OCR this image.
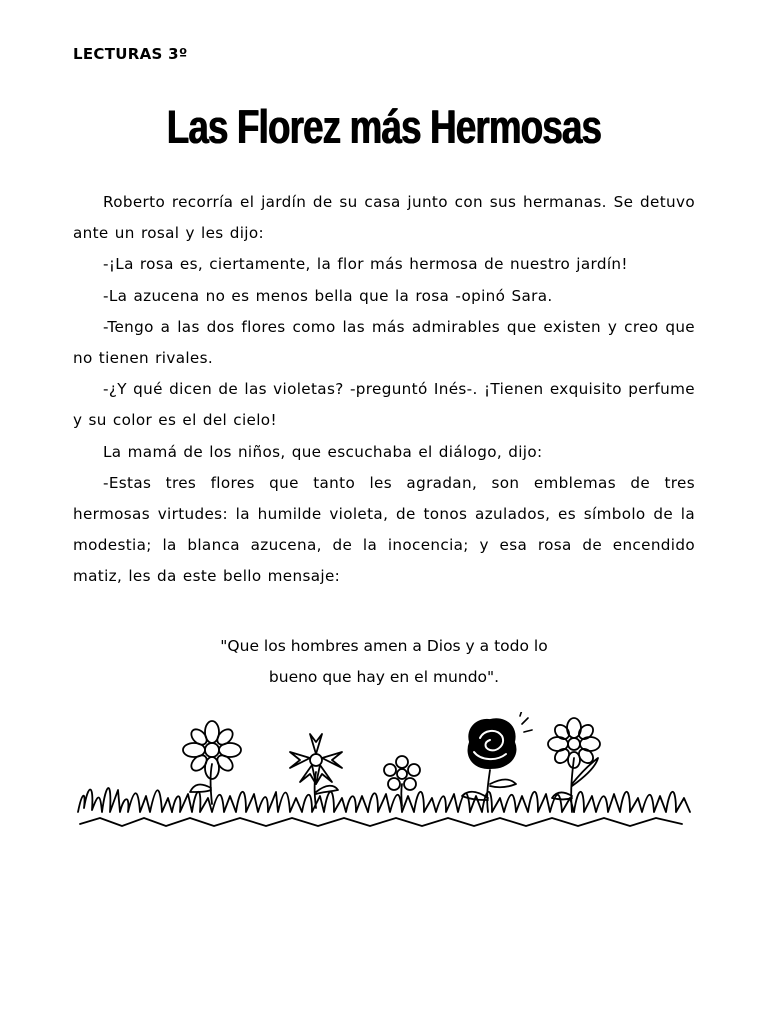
LECTURAS 3º
Las Florez más Hermosas

Roberto recorría el jardín de su casa junto con sus hermanas. Se detuvo ante un rosal y les dijo:

-¡La rosa es, ciertamente, la flor más hermosa de nuestro jardín!

-La azucena no es menos bella que la rosa -opinó Sara.

-Tengo a las dos flores como las más admirables que existen y creo que no tienen rivales.

-¿Y qué dicen de las violetas? -preguntó Inés-. ¡Tienen exquisito perfume y su color es el del cielo!

La mamá de los niños, que escuchaba el diálogo, dijo:

-Estas tres flores que tanto les agradan, son emblemas de tres hermosas virtudes: la humilde violeta, de tonos azulados, es símbolo de la modestia; la blanca azucena, de la inocencia; y esa rosa de encendido matiz, les da este bello mensaje:

"Que los hombres amen a Dios y a todo lo
bueno que hay en el mundo".
